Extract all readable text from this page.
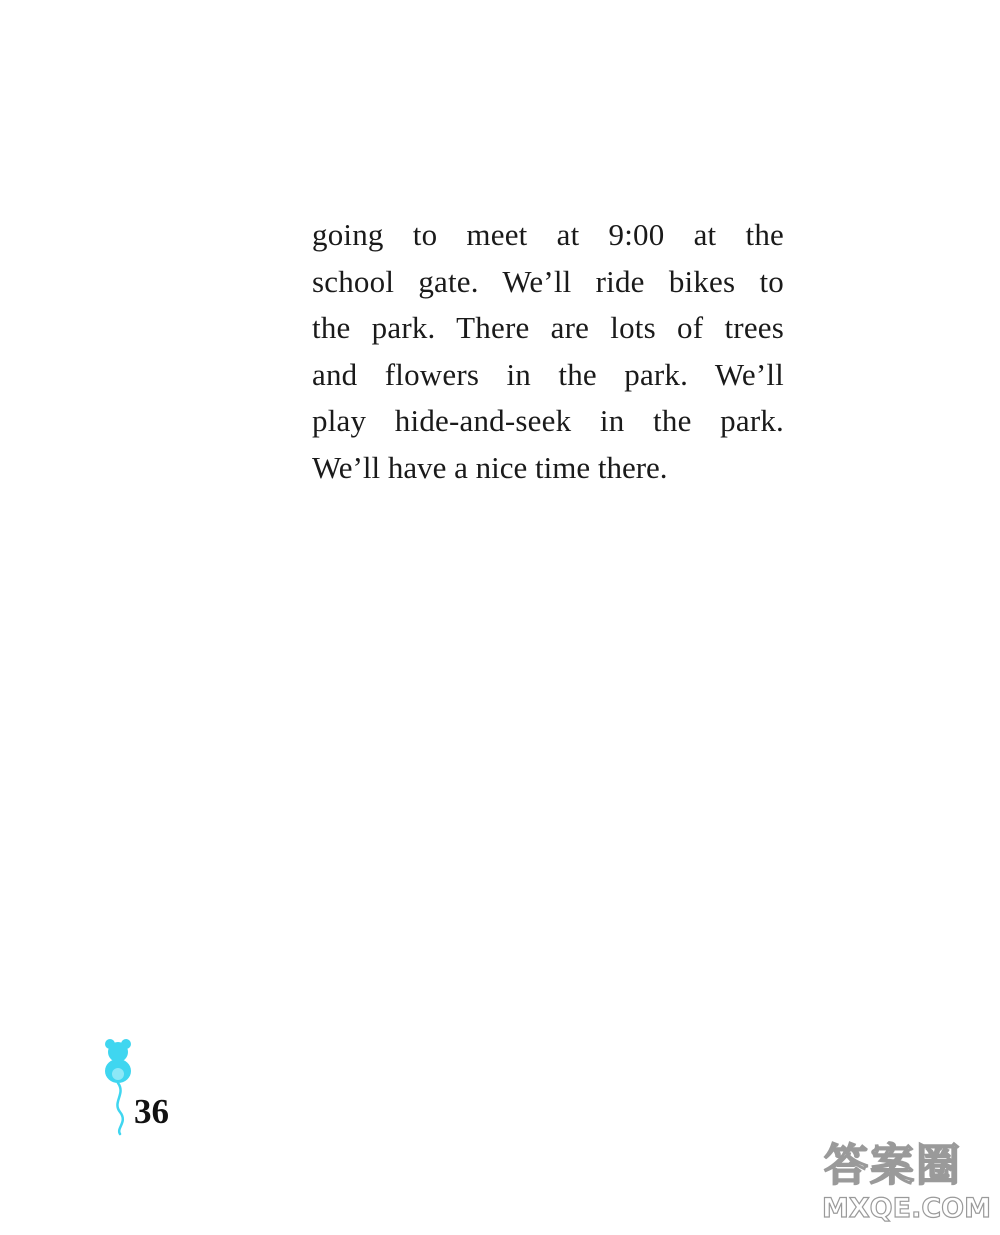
going to meet at 9:00 at the
school gate. We’ll ride bikes to
the park. There are lots of trees
and flowers in the park. We’ll
play hide-and-seek in the park.
We’ll have a nice time there.
36
答案圈
MXQE.COM
